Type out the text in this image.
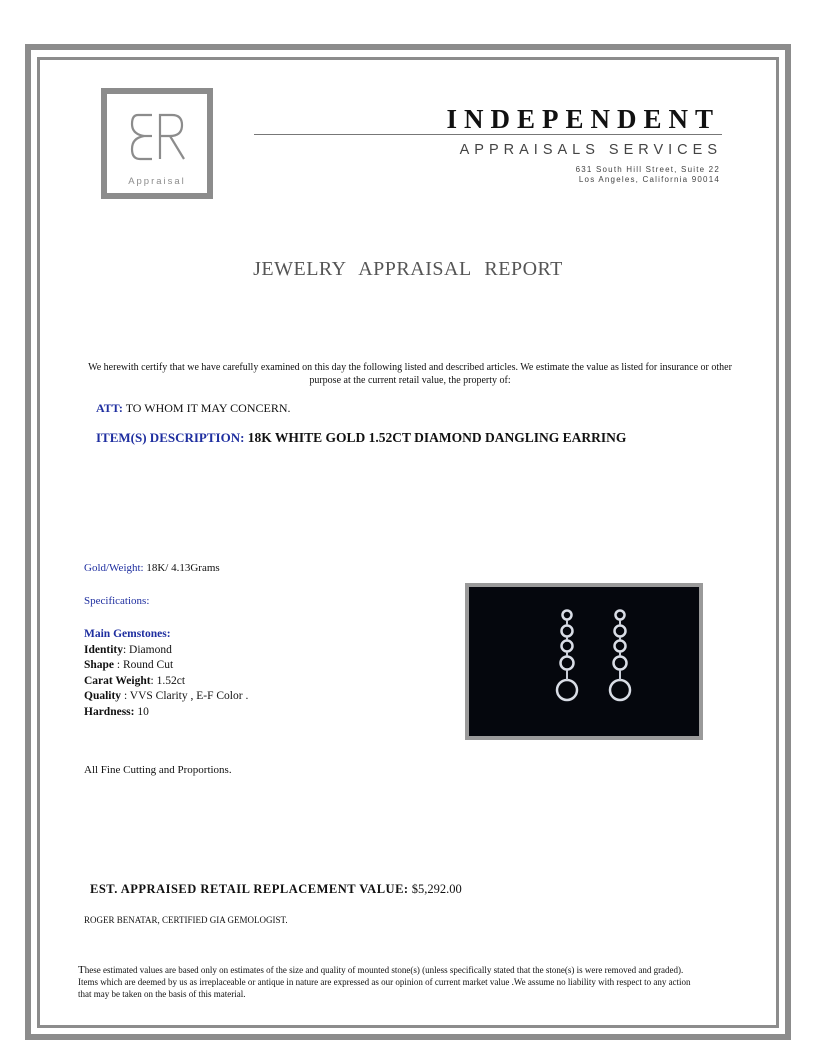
Appraisal
INDEPENDENT
APPRAISALS SERVICES
631 South Hill Street, Suite 22
Los Angeles, California 90014
JEWELRY APPRAISAL REPORT
We herewith certify that we have carefully examined on this day the following listed and described articles. We estimate the value as listed for insurance or other purpose at the current retail value, the property of:
ATT: TO WHOM IT MAY CONCERN.
ITEM(S) DESCRIPTION: 18K WHITE GOLD 1.52CT DIAMOND DANGLING EARRING
Gold/Weight: 18K/ 4.13Grams
Specifications:
Main Gemstones:
Identity: Diamond
Shape : Round Cut
Carat Weight: 1.52ct
Quality : VVS Clarity , E-F Color .
Hardness: 10
All Fine Cutting and Proportions.
EST. APPRAISED RETAIL REPLACEMENT VALUE: $5,292.00
ROGER BENATAR, CERTIFIED GIA GEMOLOGIST.
These estimated values are based only on estimates of the size and quality of mounted stone(s) (unless specifically stated that the stone(s) is were removed and graded). Items which are deemed by us as irreplaceable or antique in nature are expressed as our opinion of current market value .We assume no liability with respect to any action that may be taken on the basis of this material.
